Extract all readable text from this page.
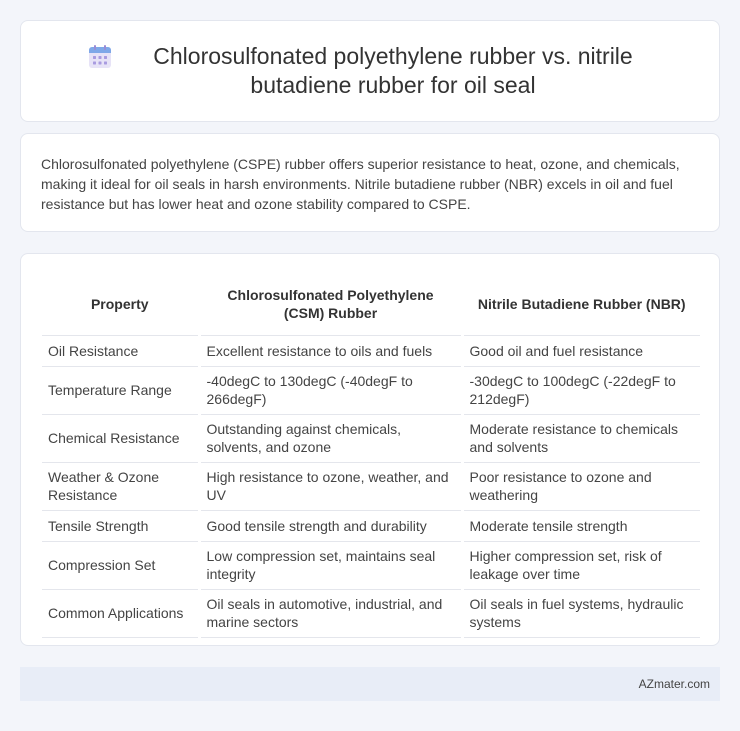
Chlorosulfonated polyethylene rubber vs. nitrile butadiene rubber for oil seal

Chlorosulfonated polyethylene (CSPE) rubber offers superior resistance to heat, ozone, and chemicals, making it ideal for oil seals in harsh environments. Nitrile butadiene rubber (NBR) excels in oil and fuel resistance but has lower heat and ozone stability compared to CSPE.

Property	Chlorosulfonated Polyethylene (CSM) Rubber	Nitrile Butadiene Rubber (NBR)
Oil Resistance	Excellent resistance to oils and fuels	Good oil and fuel resistance
Temperature Range	-40degC to 130degC (-40degF to 266degF)	-30degC to 100degC (-22degF to 212degF)
Chemical Resistance	Outstanding against chemicals, solvents, and ozone	Moderate resistance to chemicals and solvents
Weather & Ozone Resistance	High resistance to ozone, weather, and UV	Poor resistance to ozone and weathering
Tensile Strength	Good tensile strength and durability	Moderate tensile strength
Compression Set	Low compression set, maintains seal integrity	Higher compression set, risk of leakage over time
Common Applications	Oil seals in automotive, industrial, and marine sectors	Oil seals in fuel systems, hydraulic systems
AZmater.com
